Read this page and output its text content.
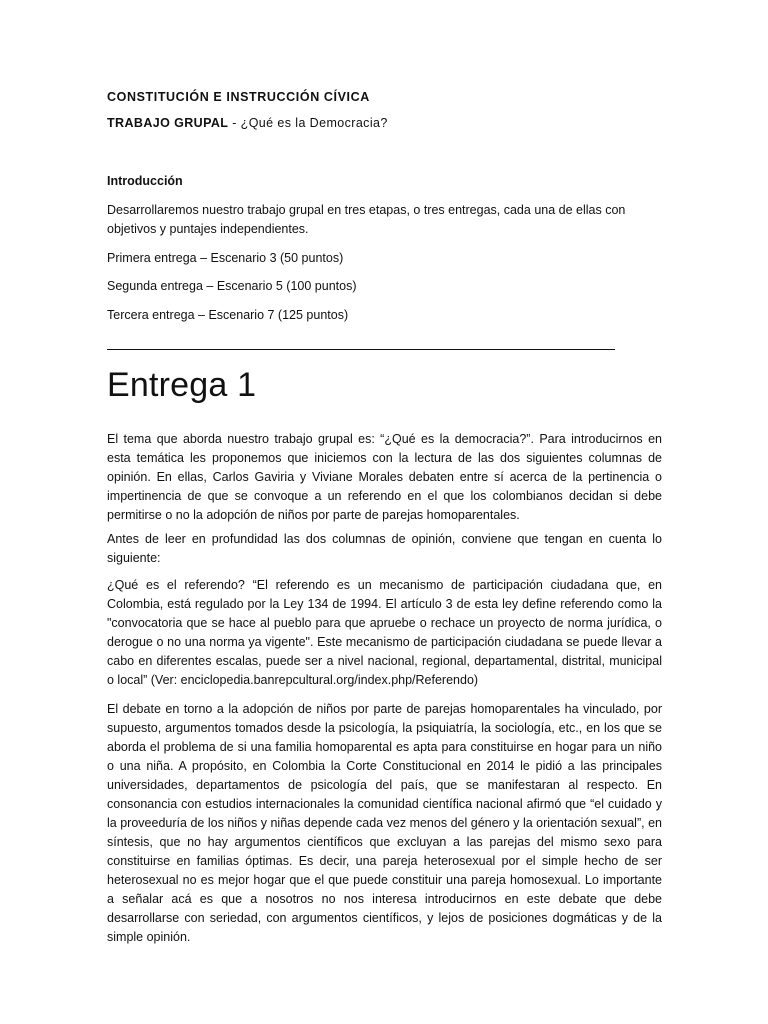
CONSTITUCIÓN E INSTRUCCIÓN CÍVICA

TRABAJO GRUPAL - ¿Qué es la Democracia?

Introducción

Desarrollaremos nuestro trabajo grupal en tres etapas, o tres entregas, cada una de ellas con objetivos y puntajes independientes.

Primera entrega – Escenario 3 (50 puntos)

Segunda entrega – Escenario 5 (100 puntos)

Tercera entrega – Escenario 7 (125 puntos)

Entrega 1

El tema que aborda nuestro trabajo grupal es: “¿Qué es la democracia?”. Para introducirnos en esta temática les proponemos que iniciemos con la lectura de las dos siguientes columnas de opinión. En ellas, Carlos Gaviria y Viviane Morales debaten entre sí acerca de la pertinencia o impertinencia de que se convoque a un referendo en el que los colombianos decidan si debe permitirse o no la adopción de niños por parte de parejas homoparentales.

Antes de leer en profundidad las dos columnas de opinión, conviene que tengan en cuenta lo siguiente:

¿Qué es el referendo? “El referendo es un mecanismo de participación ciudadana que, en Colombia, está regulado por la Ley 134 de 1994. El artículo 3 de esta ley define referendo como la "convocatoria que se hace al pueblo para que apruebe o rechace un proyecto de norma jurídica, o derogue o no una norma ya vigente". Este mecanismo de participación ciudadana se puede llevar a cabo en diferentes escalas, puede ser a nivel nacional, regional, departamental, distrital, municipal o local” (Ver: enciclopedia.banrepcultural.org/index.php/Referendo)

El debate en torno a la adopción de niños por parte de parejas homoparentales ha vinculado, por supuesto, argumentos tomados desde la psicología, la psiquiatría, la sociología, etc., en los que se aborda el problema de si una familia homoparental es apta para constituirse en hogar para un niño o una niña. A propósito, en Colombia la Corte Constitucional en 2014 le pidió a las principales universidades, departamentos de psicología del país, que se manifestaran al respecto. En consonancia con estudios internacionales la comunidad científica nacional afirmó que “el cuidado y la proveeduría de los niños y niñas depende cada vez menos del género y la orientación sexual”, en síntesis, que no hay argumentos científicos que excluyan a las parejas del mismo sexo para constituirse en familias óptimas. Es decir, una pareja heterosexual por el simple hecho de ser heterosexual no es mejor hogar que el que puede constituir una pareja homosexual. Lo importante a señalar acá es que a nosotros no nos interesa introducirnos en este debate que debe desarrollarse con seriedad, con argumentos científicos, y lejos de posiciones dogmáticas y de la simple opinión.
